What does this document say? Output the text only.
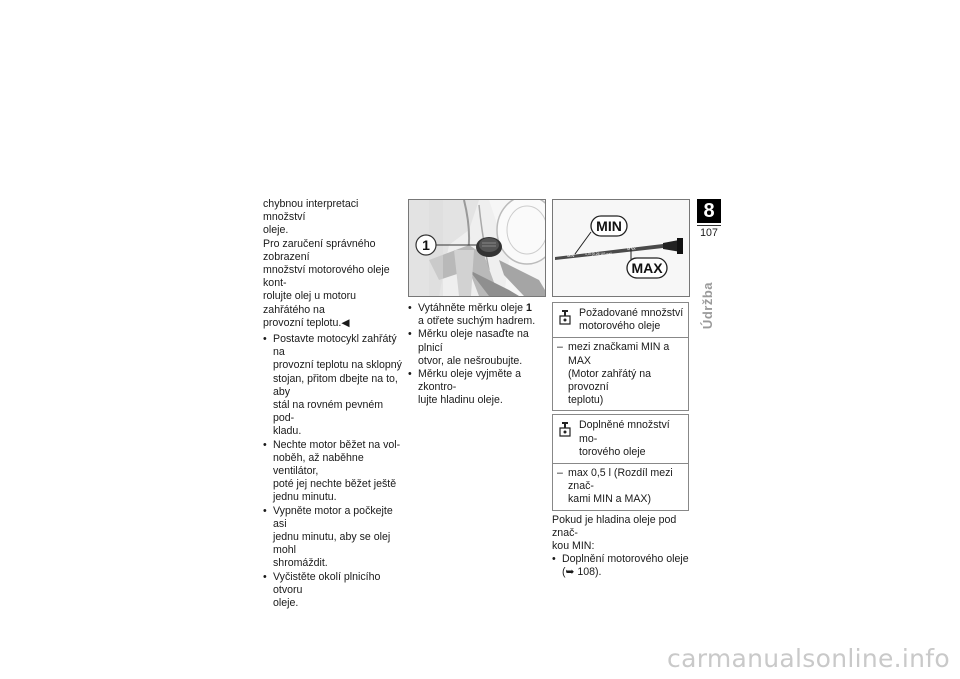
chybnou interpretaci množství
oleje.
Pro zaručení správného zobrazení
množství motorového oleje kont-
rolujte olej u motoru zahřátého na
provozní teplotu.◀

• Postavte motocykl zahřátý na
provozní teplotu na sklopný
stojan, přitom dbejte na to, aby
stál na rovném pevném pod-
kladu.
• Nechte motor běžet na vol-
noběh, až naběhne ventilátor,
poté jej nechte běžet ještě
jednu minutu.
• Vypněte motor a počkejte asi
jednu minutu, aby se olej mohl
shromáždit.
• Vyčistěte okolí plnicího otvoru
oleje.
1
• Vytáhněte měrku oleje 1
a otřete suchým hadrem.
• Měrku oleje nasaďte na plnicí
otvor, ale nešroubujte.
• Měrku oleje vyjměte a zkontro-
lujte hladinu oleje.
MIN	1,0l (0.26 US gal)
MAX
MIN
MAX
Požadované množství
motorového oleje
– mezi značkami MIN a MAX
(Motor zahřátý na provozní
teplotu)
Doplněné množství mo-
torového oleje
– max 0,5 l (Rozdíl mezi znač-
kami MIN a MAX)

Pokud je hladina oleje pod znač-
kou MIN:

• Doplnění motorového oleje
(➥ 108).
8
107
Údržba
carmanualsonline.info
